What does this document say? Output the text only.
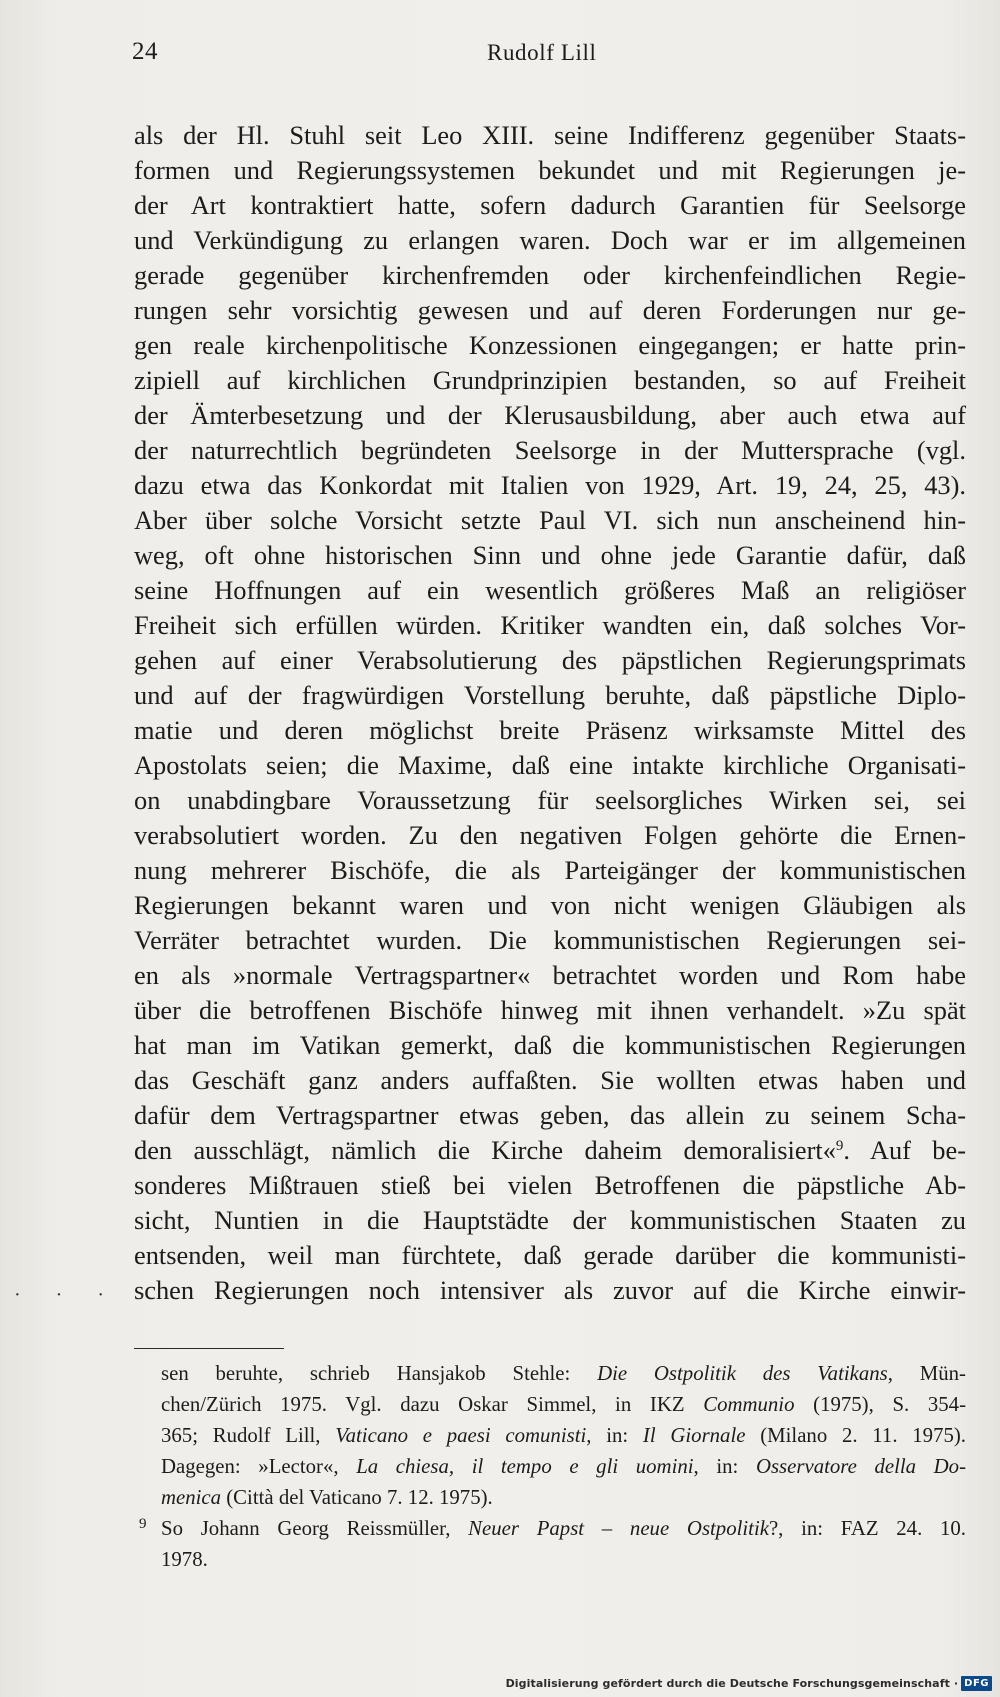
24	Rudolf Lill
als der Hl. Stuhl seit Leo XIII. seine Indifferenz gegenüber Staats-
formen und Regierungssystemen bekundet und mit Regierungen je-
der Art kontraktiert hatte, sofern dadurch Garantien für Seelsorge
und Verkündigung zu erlangen waren. Doch war er im allgemeinen
gerade gegenüber kirchenfremden oder kirchenfeindlichen Regie-
rungen sehr vorsichtig gewesen und auf deren Forderungen nur ge-
gen reale kirchenpolitische Konzessionen eingegangen; er hatte prin-
zipiell auf kirchlichen Grundprinzipien bestanden, so auf Freiheit
der Ämterbesetzung und der Klerusausbildung, aber auch etwa auf
der naturrechtlich begründeten Seelsorge in der Muttersprache (vgl.
dazu etwa das Konkordat mit Italien von 1929, Art. 19, 24, 25, 43).
Aber über solche Vorsicht setzte Paul VI. sich nun anscheinend hin-
weg, oft ohne historischen Sinn und ohne jede Garantie dafür, daß
seine Hoffnungen auf ein wesentlich größeres Maß an religiöser
Freiheit sich erfüllen würden. Kritiker wandten ein, daß solches Vor-
gehen auf einer Verabsolutierung des päpstlichen Regierungsprimats
und auf der fragwürdigen Vorstellung beruhte, daß päpstliche Diplo-
matie und deren möglichst breite Präsenz wirksamste Mittel des
Apostolats seien; die Maxime, daß eine intakte kirchliche Organisati-
on unabdingbare Voraussetzung für seelsorgliches Wirken sei, sei
verabsolutiert worden. Zu den negativen Folgen gehörte die Ernen-
nung mehrerer Bischöfe, die als Parteigänger der kommunistischen
Regierungen bekannt waren und von nicht wenigen Gläubigen als
Verräter betrachtet wurden. Die kommunistischen Regierungen sei-
en als »normale Vertragspartner« betrachtet worden und Rom habe
über die betroffenen Bischöfe hinweg mit ihnen verhandelt. »Zu spät
hat man im Vatikan gemerkt, daß die kommunistischen Regierungen
das Geschäft ganz anders auffaßten. Sie wollten etwas haben und
dafür dem Vertragspartner etwas geben, das allein zu seinem Scha-
den ausschlägt, nämlich die Kirche daheim demoralisiert«$^9$. Auf be-
sonderes Mißtrauen stieß bei vielen Betroffenen die päpstliche Ab-
sicht, Nuntien in die Hauptstädte der kommunistischen Staaten zu
entsenden, weil man fürchtete, daß gerade darüber die kommunisti-
schen Regierungen noch intensiver als zuvor auf die Kirche einwir-
· · · ·
sen beruhte, schrieb Hansjakob Stehle: Die Ostpolitik des Vatikans, Mün-
chen/Zürich 1975. Vgl. dazu Oskar Simmel, in IKZ Communio (1975), S. 354-
365; Rudolf Lill, Vaticano e paesi comunisti, in: Il Giornale (Milano 2. 11. 1975).
Dagegen: »Lector«, La chiesa, il tempo e gli uomini, in: Osservatore della Do-
menica (Città del Vaticano 7. 12. 1975).
9 So Johann Georg Reissmüller, Neuer Papst – neue Ostpolitik?, in: FAZ 24. 10.
1978.
Digitalisierung gefördert durch die Deutsche Forschungsgemeinschaft · DFG
